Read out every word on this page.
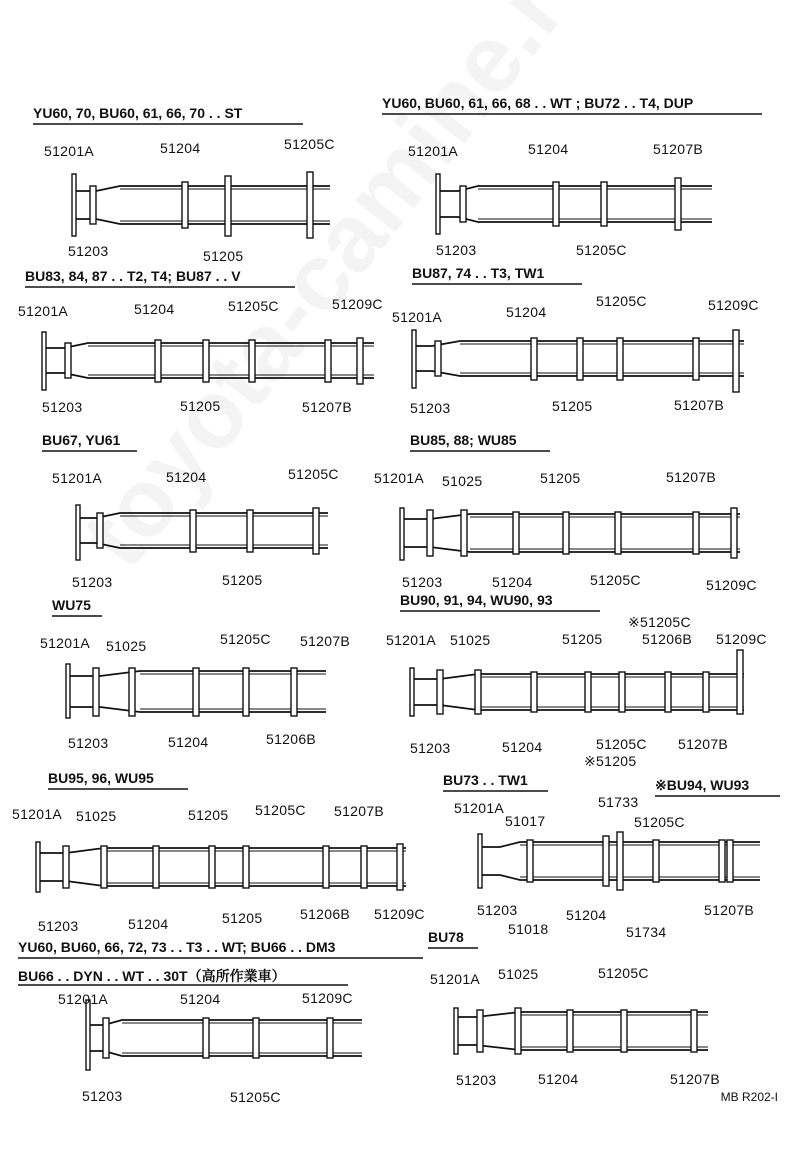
YU60, 70, BU60, 61, 66, 70 . . ST
51201A	51204	51205C
51203	51205
YU60, BU60, 61, 66, 68 . . WT ; BU72 . . T4, DUP
51201A	51204	51207B
51203	51205C
BU83, 84, 87 . . T2, T4; BU87 . . V
51201A	51204	51205C	51209C
51203	51205	51207B
BU87, 74 . . T3, TW1
51201A	51204
51205C	51209C
51203	51205	51207B
BU67, YU61
51201A	51204	51205C
51203	51205
BU85, 88; WU85
51201A 51025	51205	51207B
51203	51204	51205C	51209C
WU75
51201A 51025	51205C 51207B
51203	51204	51206B
BU90, 91, 94, WU90, 93
※51205C
51201A 51025	51205	51206B 51209C
51203	51204	51205C 51207B
※51205
BU95, 96, WU95
51201A 51025	51205 51205C 51207B
51203	51204	51205	51206B 51209C
BU73 . . TW1
51201A
51017
51733
51205C
51203
51018
51204
51734
51207B
※BU94, WU93
YU60, BU60, 66, 72, 73 . . T3 . . WT; BU66 . . DM3
BU66 . . DYN . . WT . . 30T（高所作業車）
51201A	51204	51209C
51203	51205C
BU78
51201A 51025	51205C
51203	51204	51207B
MB R202-I
